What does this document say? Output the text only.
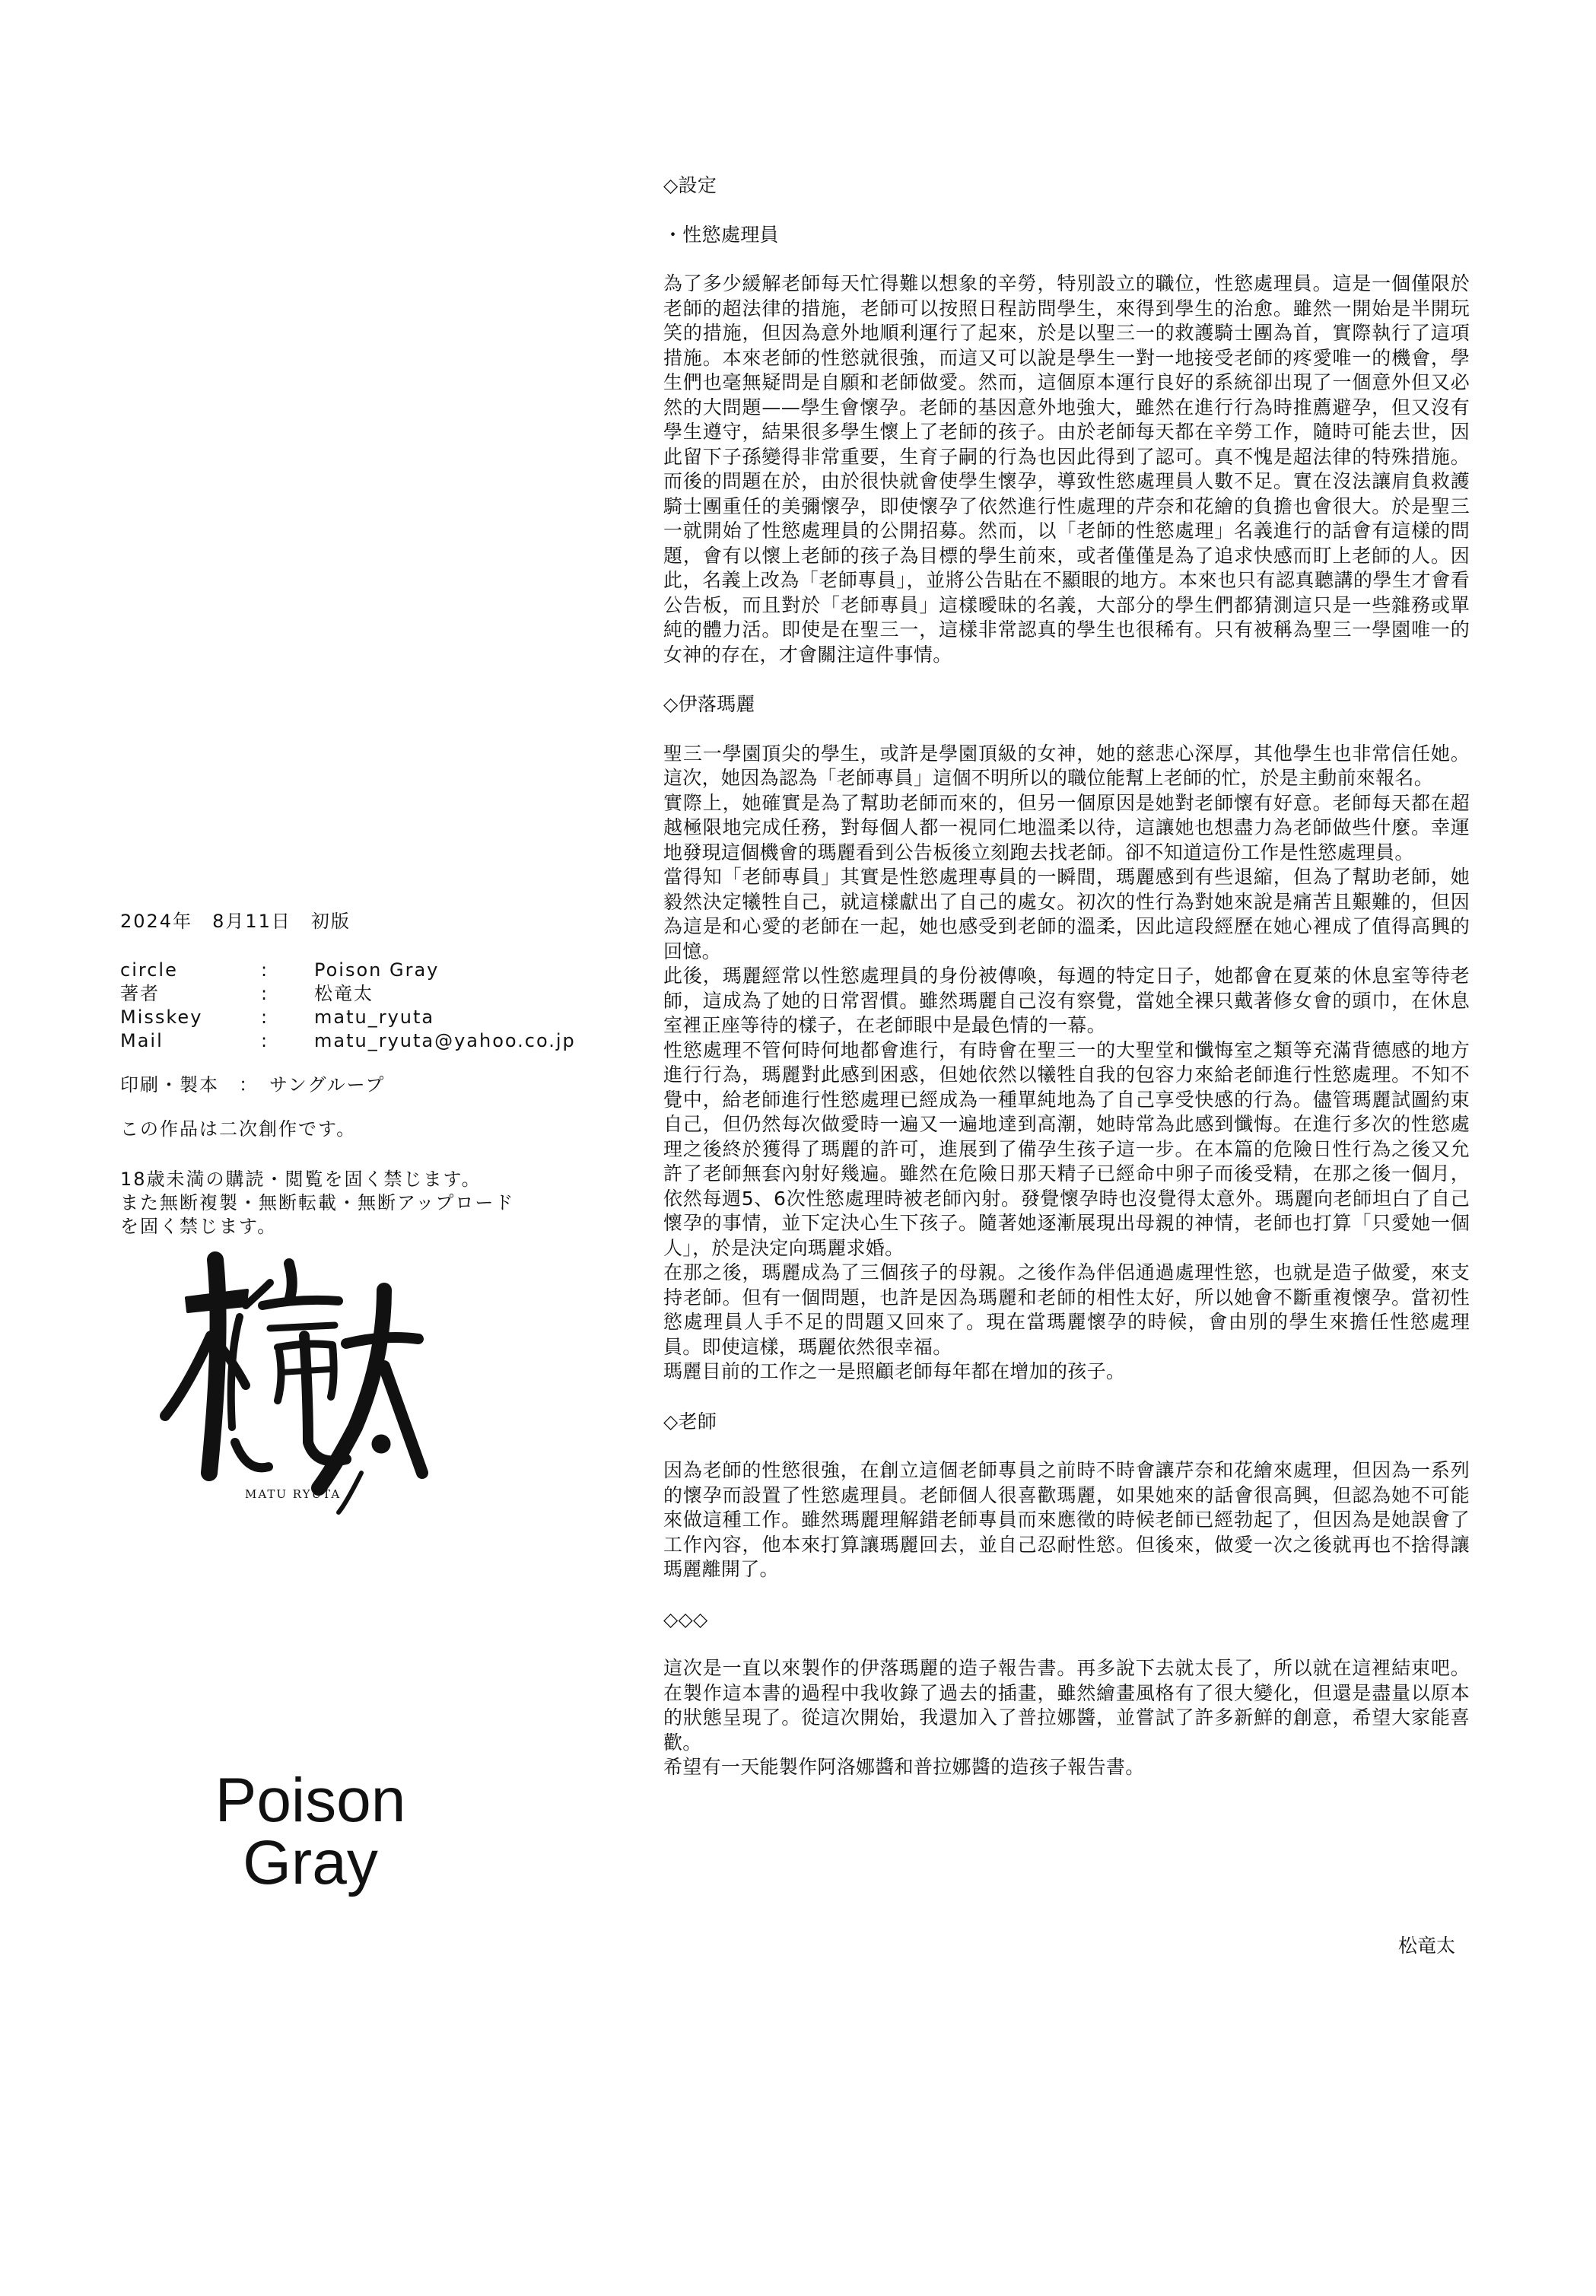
◇設定
・性慾處理員

為了多少緩解老師每天忙得難以想象的辛勞，特別設立的職位，性慾處理員。這是一個僅限於老師的超法律的措施，老師可以按照日程訪問學生，來得到學生的治愈。雖然一開始是半開玩笑的措施，但因為意外地順利運行了起來，於是以聖三一的救護騎士團為首，實際執行了這項措施。本來老師的性慾就很強，而這又可以說是學生一對一地接受老師的疼愛唯一的機會，學生們也毫無疑問是自願和老師做愛。然而，這個原本運行良好的系統卻出現了一個意外但又必然的大問題——學生會懷孕。老師的基因意外地強大，雖然在進行行為時推薦避孕，但又沒有學生遵守，結果很多學生懷上了老師的孩子。由於老師每天都在辛勞工作，隨時可能去世，因此留下子孫變得非常重要，生育子嗣的行為也因此得到了認可。真不愧是超法律的特殊措施。而後的問題在於，由於很快就會使學生懷孕，導致性慾處理員人數不足。實在沒法讓肩負救護騎士團重任的美彌懷孕，即使懷孕了依然進行性處理的芹奈和花繪的負擔也會很大。於是聖三一就開始了性慾處理員的公開招募。然而，以「老師的性慾處理」名義進行的話會有這樣的問題，會有以懷上老師的孩子為目標的學生前來，或者僅僅是為了追求快感而盯上老師的人。因此，名義上改為「老師專員」，並將公告貼在不顯眼的地方。本來也只有認真聽講的學生才會看公告板，而且對於「老師專員」這樣曖昧的名義，大部分的學生們都猜測這只是一些雜務或單純的體力活。即使是在聖三一，這樣非常認真的學生也很稀有。只有被稱為聖三一學園唯一的女神的存在，才會關注這件事情。

◇伊落瑪麗

聖三一學園頂尖的學生，或許是學園頂級的女神，她的慈悲心深厚，其他學生也非常信任她。這次，她因為認為「老師專員」這個不明所以的職位能幫上老師的忙，於是主動前來報名。

實際上，她確實是為了幫助老師而來的，但另一個原因是她對老師懷有好意。老師每天都在超越極限地完成任務，對每個人都一視同仁地溫柔以待，這讓她也想盡力為老師做些什麼。幸運地發現這個機會的瑪麗看到公告板後立刻跑去找老師。卻不知道這份工作是性慾處理員。

當得知「老師專員」其實是性慾處理專員的一瞬間，瑪麗感到有些退縮，但為了幫助老師，她毅然決定犧牲自己，就這樣獻出了自己的處女。初次的性行為對她來說是痛苦且艱難的，但因為這是和心愛的老師在一起，她也感受到老師的溫柔，因此這段經歷在她心裡成了值得高興的回憶。

此後，瑪麗經常以性慾處理員的身份被傳喚，每週的特定日子，她都會在夏萊的休息室等待老師，這成為了她的日常習慣。雖然瑪麗自己沒有察覺，當她全裸只戴著修女會的頭巾，在休息室裡正座等待的樣子，在老師眼中是最色情的一幕。

性慾處理不管何時何地都會進行，有時會在聖三一的大聖堂和懺悔室之類等充滿背德感的地方進行行為，瑪麗對此感到困惑，但她依然以犧牲自我的包容力來給老師進行性慾處理。不知不覺中，給老師進行性慾處理已經成為一種單純地為了自己享受快感的行為。儘管瑪麗試圖約束自己，但仍然每次做愛時一遍又一遍地達到高潮，她時常為此感到懺悔。在進行多次的性慾處理之後終於獲得了瑪麗的許可，進展到了備孕生孩子這一步。在本篇的危險日性行為之後又允許了老師無套內射好幾遍。雖然在危險日那天精子已經命中卵子而後受精，在那之後一個月，依然每週5、6次性慾處理時被老師內射。發覺懷孕時也沒覺得太意外。瑪麗向老師坦白了自己懷孕的事情，並下定決心生下孩子。隨著她逐漸展現出母親的神情，老師也打算「只愛她一個人」，於是決定向瑪麗求婚。

在那之後，瑪麗成為了三個孩子的母親。之後作為伴侶通過處理性慾，也就是造子做愛，來支持老師。但有一個問題，也許是因為瑪麗和老師的相性太好，所以她會不斷重複懷孕。當初性慾處理員人手不足的問題又回來了。現在當瑪麗懷孕的時候，會由別的學生來擔任性慾處理員。即使這樣，瑪麗依然很幸福。

瑪麗目前的工作之一是照顧老師每年都在增加的孩子。

◇老師

因為老師的性慾很強，在創立這個老師專員之前時不時會讓芹奈和花繪來處理，但因為一系列的懷孕而設置了性慾處理員。老師個人很喜歡瑪麗，如果她來的話會很高興，但認為她不可能來做這種工作。雖然瑪麗理解錯老師專員而來應徵的時候老師已經勃起了，但因為是她誤會了工作內容，他本來打算讓瑪麗回去，並自己忍耐性慾。但後來，做愛一次之後就再也不捨得讓瑪麗離開了。

◇◇◇

這次是一直以來製作的伊落瑪麗的造子報告書。再多說下去就太長了，所以就在這裡結束吧。在製作這本書的過程中我收錄了過去的插畫，雖然繪畫風格有了很大變化，但還是盡量以原本的狀態呈現了。從這次開始，我還加入了普拉娜醬，並嘗試了許多新鮮的創意，希望大家能喜歡。

希望有一天能製作阿洛娜醬和普拉娜醬的造孩子報告書。

松竜太
2024年　8月11日　初版
circle	:	Poison Gray
著者	:	松竜太
Misskey	:	matu_ryuta
Mail	:	matu_ryuta@yahoo.co.jp
印刷・製本　：　サングループ
この作品は二次創作です。
18歳未満の購読・閲覧を固く禁じます。
また無断複製・無断転載・無断アップロード
を固く禁じます。
MATU RYUTA
Poison
Gray
